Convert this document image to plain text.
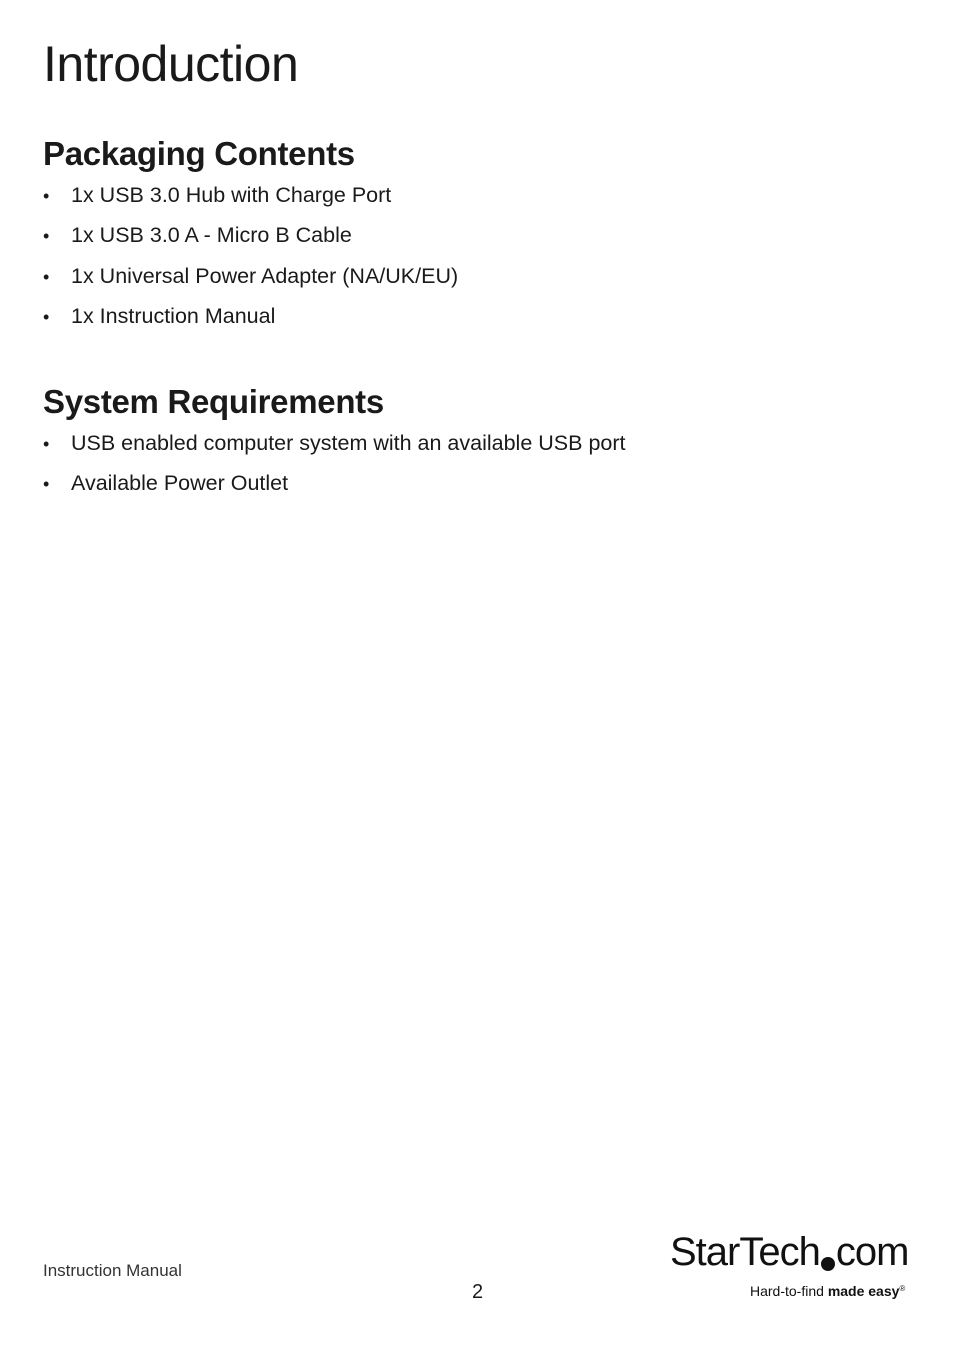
Introduction
Packaging Contents
•	1x USB 3.0 Hub with Charge Port
•	1x USB 3.0 A - Micro B Cable
•	1x Universal Power Adapter (NA/UK/EU)
•	1x Instruction Manual
System Requirements
•	USB enabled computer system with an available USB port
•	Available Power Outlet
Instruction Manual
2
StarTech com
Hard-to-find made easy®
